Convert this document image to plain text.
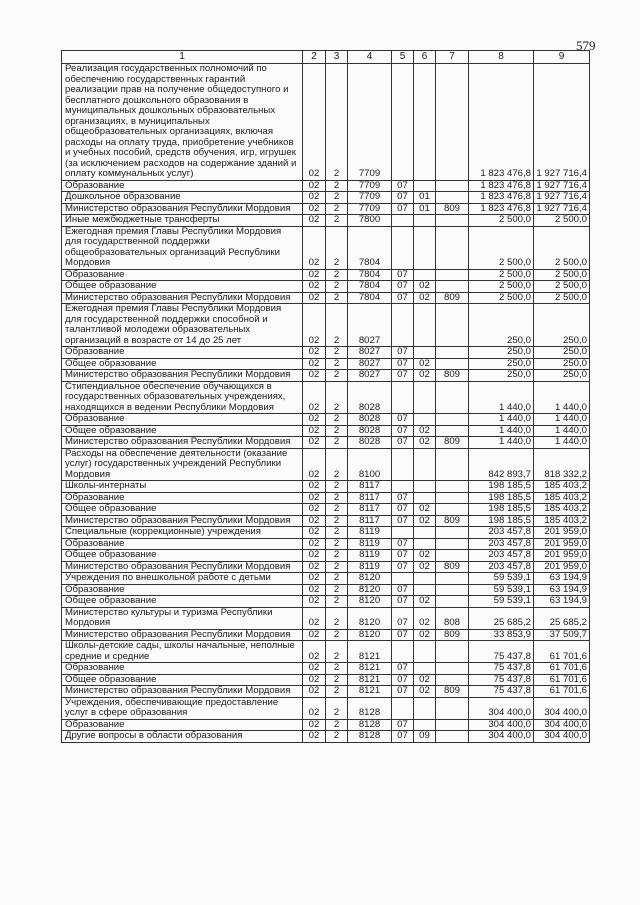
579
1	2	3	4	5	6	7	8	9
Реализация государственных полномочий по обеспечению государственных гарантий реализации прав на получение общедоступного и бесплатного дошкольного образования в муниципальных дошкольных образовательных организациях, в муниципальных общеобразовательных организациях, включая расходы на оплату труда, приобретение учебников и учебных пособий, средств обучения, игр, игрушек (за исключением расходов на содержание зданий и оплату коммунальных услуг)	02	2	7709				1 823 476,8	1 927 716,4
Образование	02	2	7709	07			1 823 476,8	1 927 716,4
Дошкольное образование	02	2	7709	07	01		1 823 476,8	1 927 716,4
Министерство образования Республики Мордовия	02	2	7709	07	01	809	1 823 476,8	1 927 716,4
Иные межбюджетные трансферты	02	2	7800				2 500,0	2 500,0
Ежегодная премия Главы Республики Мордовия для государственной поддержки общеобразовательных организаций Республики Мордовия	02	2	7804				2 500,0	2 500,0
Образование	02	2	7804	07			2 500,0	2 500,0
Общее образование	02	2	7804	07	02		2 500,0	2 500,0
Министерство образования Республики Мордовия	02	2	7804	07	02	809	2 500,0	2 500,0
Ежегодная премия Главы Республики Мордовия для государственной поддержки способной и талантливой молодежи образовательных организаций в возрасте от 14 до 25 лет	02	2	8027				250,0	250,0
Образование	02	2	8027	07			250,0	250,0
Общее образование	02	2	8027	07	02		250,0	250,0
Министерство образования Республики Мордовия	02	2	8027	07	02	809	250,0	250,0
Стипендиальное обеспечение обучающихся в государственных образовательных учреждениях, находящихся в ведении Республики Мордовия	02	2	8028				1 440,0	1 440,0
Образование	02	2	8028	07			1 440,0	1 440,0
Общее образование	02	2	8028	07	02		1 440,0	1 440,0
Министерство образования Республики Мордовия	02	2	8028	07	02	809	1 440,0	1 440,0
Расходы на обеспечение деятельности (оказание услуг) государственных учреждений Республики Мордовия	02	2	8100				842 893,7	818 332,2
Школы-интернаты	02	2	8117				198 185,5	185 403,2
Образование	02	2	8117	07			198 185,5	185 403,2
Общее образование	02	2	8117	07	02		198 185,5	185 403,2
Министерство образования Республики Мордовия	02	2	8117	07	02	809	198 185,5	185 403,2
Специальные (коррекционные) учреждения	02	2	8119				203 457,8	201 959,0
Образование	02	2	8119	07			203 457,8	201 959,0
Общее образование	02	2	8119	07	02		203 457,8	201 959,0
Министерство образования Республики Мордовия	02	2	8119	07	02	809	203 457,8	201 959,0
Учреждения по внешкольной работе с детьми	02	2	8120				59 539,1	63 194,9
Образование	02	2	8120	07			59 539,1	63 194,9
Общее образование	02	2	8120	07	02		59 539,1	63 194,9
Министерство культуры и туризма Республики Мордовия	02	2	8120	07	02	808	25 685,2	25 685,2
Министерство образования Республики Мордовия	02	2	8120	07	02	809	33 853,9	37 509,7
Школы-детские сады, школы начальные, неполные средние и средние	02	2	8121				75 437,8	61 701,6
Образование	02	2	8121	07			75 437,8	61 701,6
Общее образование	02	2	8121	07	02		75 437,8	61 701,6
Министерство образования Республики Мордовия	02	2	8121	07	02	809	75 437,8	61 701,6
Учреждения, обеспечивающие предоставление услуг в сфере образования	02	2	8128				304 400,0	304 400,0
Образование	02	2	8128	07			304 400,0	304 400,0
Другие вопросы в области образования	02	2	8128	07	09		304 400,0	304 400,0
